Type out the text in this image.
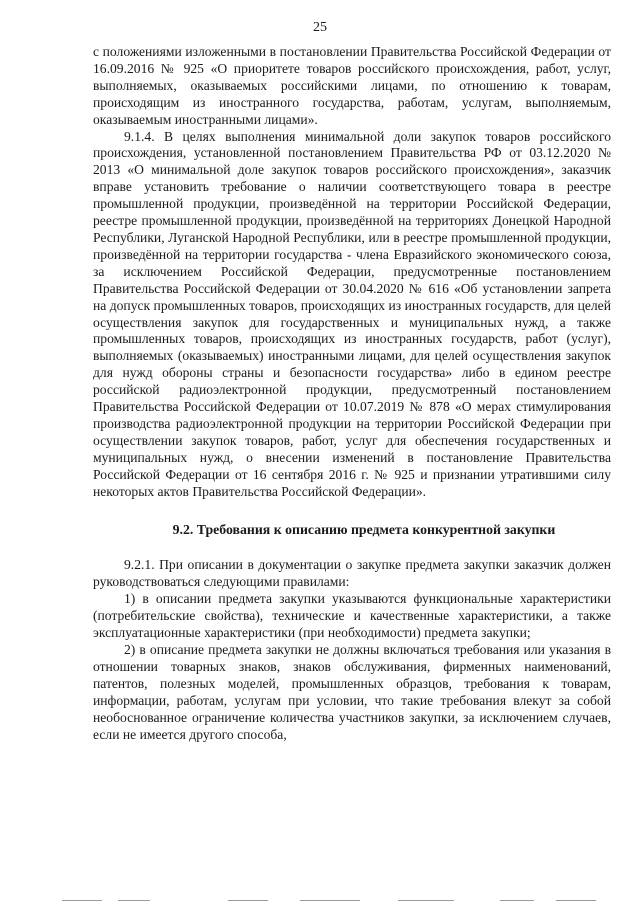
25

с положениями изложенными в постановлении Правительства Российской Федерации от 16.09.2016 № 925 «О приоритете товаров российского происхождения, работ, услуг, выполняемых, оказываемых российскими лицами, по отношению к товарам, происходящим из иностранного государства, работам, услугам, выполняемым, оказываемым иностранными лицами».

9.1.4. В целях выполнения минимальной доли закупок товаров российского происхождения, установленной постановлением Правительства РФ от 03.12.2020 № 2013 «О минимальной доле закупок товаров российского происхождения», заказчик вправе установить требование о наличии соответствующего товара в реестре промышленной продукции, произведённой на территории Российской Федерации, реестре промышленной продукции, произведённой на территориях Донецкой Народной Республики, Луганской Народной Республики, или в реестре промышленной продукции, произведённой на территории государства - члена Евразийского экономического союза, за исключением Российской Федерации, предусмотренные постановлением Правительства Российской Федерации от 30.04.2020 № 616 «Об установлении запрета на допуск промышленных товаров, происходящих из иностранных государств, для целей осуществления закупок для государственных и муниципальных нужд, а также промышленных товаров, происходящих из иностранных государств, работ (услуг), выполняемых (оказываемых) иностранными лицами, для целей осуществления закупок для нужд обороны страны и безопасности государства» либо в едином реестре российской радиоэлектронной продукции, предусмотренный постановлением Правительства Российской Федерации от 10.07.2019 № 878 «О мерах стимулирования производства радиоэлектронной продукции на территории Российской Федерации при осуществлении закупок товаров, работ, услуг для обеспечения государственных и муниципальных нужд, о внесении изменений в постановление Правительства Российской Федерации от 16 сентября 2016 г. № 925 и признании утратившими силу некоторых актов Правительства Российской Федерации».

9.2. Требования к описанию предмета конкурентной закупки

9.2.1. При описании в документации о закупке предмета закупки заказчик должен руководствоваться следующими правилами:

1) в описании предмета закупки указываются функциональные характеристики (потребительские свойства), технические и качественные характеристики, а также эксплуатационные характеристики (при необходимости) предмета закупки;

2) в описание предмета закупки не должны включаться требования или указания в отношении товарных знаков, знаков обслуживания, фирменных наименований, патентов, полезных моделей, промышленных образцов, требования к товарам, информации, работам, услугам при условии, что такие требования влекут за собой необоснованное ограничение количества участников закупки, за исключением случаев, если не имеется другого способа,
